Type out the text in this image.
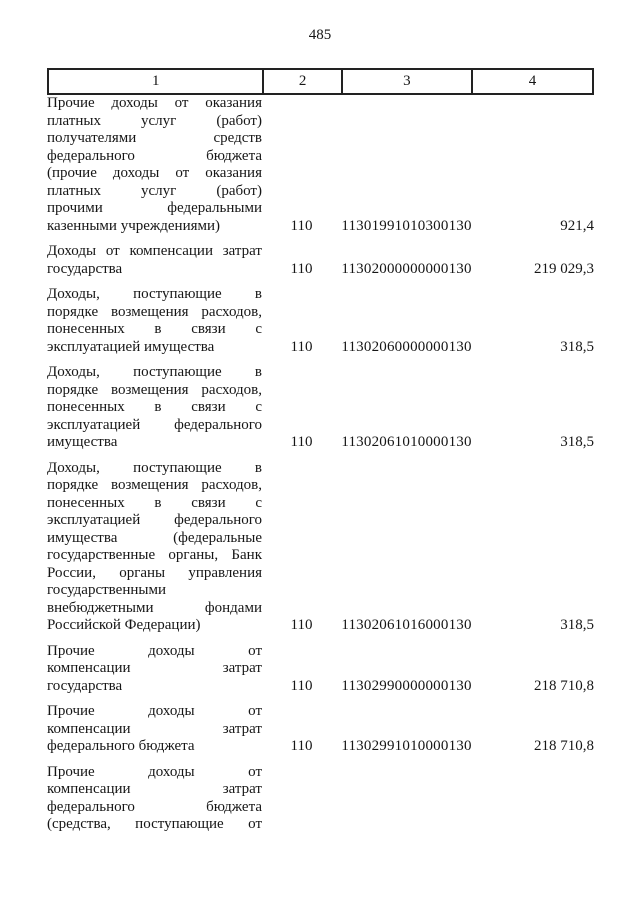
485
1	2	3	4
Прочие доходы от оказания
платных услуг (работ)
получателями средств
федерального бюджета
(прочие доходы от оказания
платных услуг (работ)
прочими федеральными
казенными учреждениями)	110	11301991010300130	921,4
Доходы от компенсации затрат
государства	110	11302000000000130	219 029,3
Доходы, поступающие в
порядке возмещения расходов,
понесенных в связи с
эксплуатацией имущества	110	11302060000000130	318,5
Доходы, поступающие в
порядке возмещения расходов,
понесенных в связи с
эксплуатацией федерального
имущества	110	11302061010000130	318,5
Доходы, поступающие в
порядке возмещения расходов,
понесенных в связи с
эксплуатацией федерального
имущества (федеральные
государственные органы, Банк
России, органы управления
государственными
внебюджетными фондами
Российской Федерации)	110	11302061016000130	318,5
Прочие доходы от
компенсации затрат
государства	110	11302990000000130	218 710,8
Прочие доходы от
компенсации затрат
федерального бюджета	110	11302991010000130	218 710,8
Прочие доходы от
компенсации затрат
федерального бюджета
(средства, поступающие от
